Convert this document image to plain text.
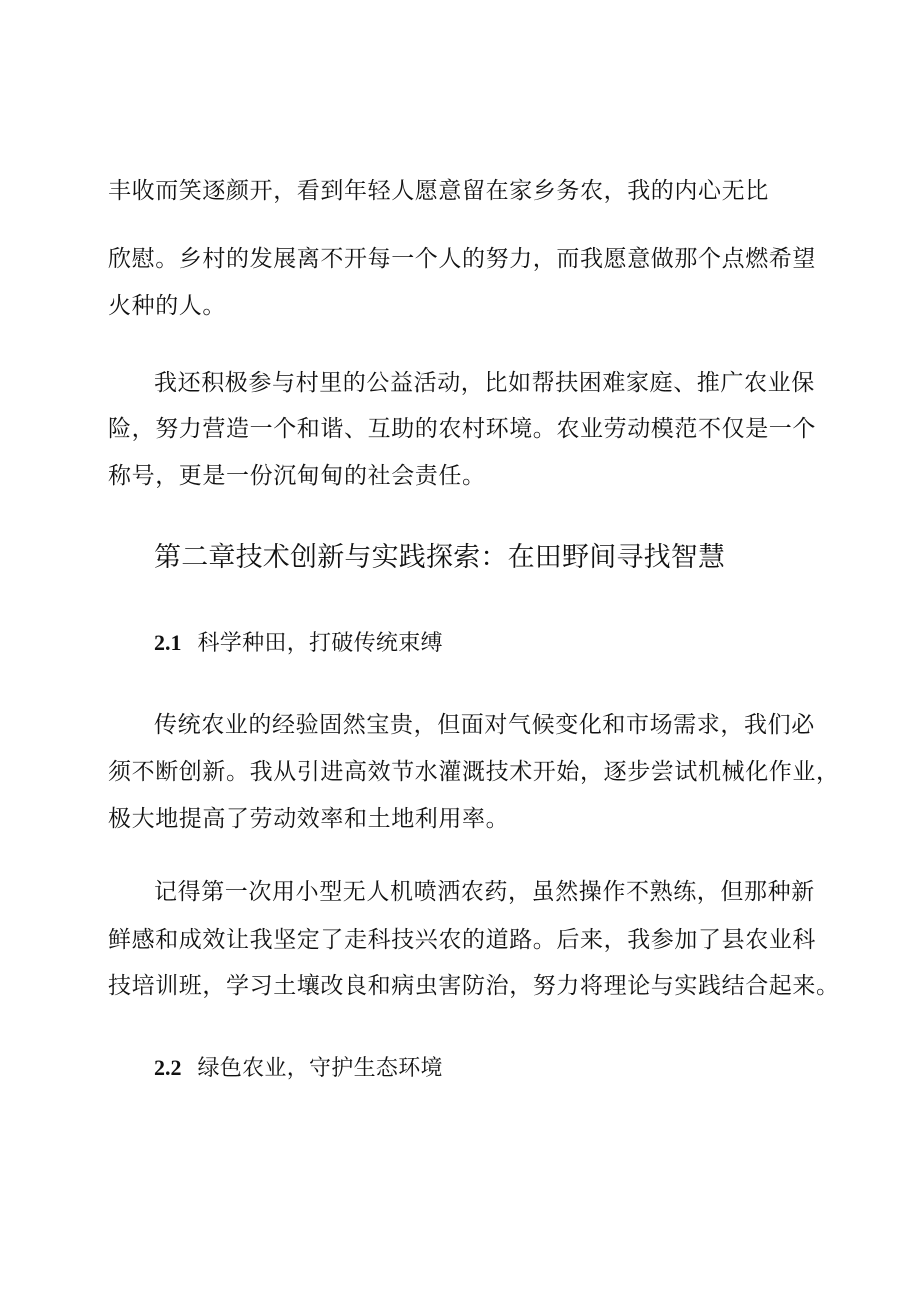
丰收而笑逐颜开，看到年轻人愿意留在家乡务农，我的内心无比
欣慰。乡村的发展离不开每一个人的努力，而我愿意做那个点燃希望
火种的人。
我还积极参与村里的公益活动，比如帮扶困难家庭、推广农业保
险，努力营造一个和谐、互助的农村环境。农业劳动模范不仅是一个
称号，更是一份沉甸甸的社会责任。
第二章技术创新与实践探索：在田野间寻找智慧
2.1 科学种田，打破传统束缚
传统农业的经验固然宝贵，但面对气候变化和市场需求，我们必
须不断创新。我从引进高效节水灌溉技术开始，逐步尝试机械化作业，
极大地提高了劳动效率和土地利用率。
记得第一次用小型无人机喷洒农药，虽然操作不熟练，但那种新
鲜感和成效让我坚定了走科技兴农的道路。后来，我参加了县农业科
技培训班，学习土壤改良和病虫害防治，努力将理论与实践结合起来。
2.2 绿色农业，守护生态环境
